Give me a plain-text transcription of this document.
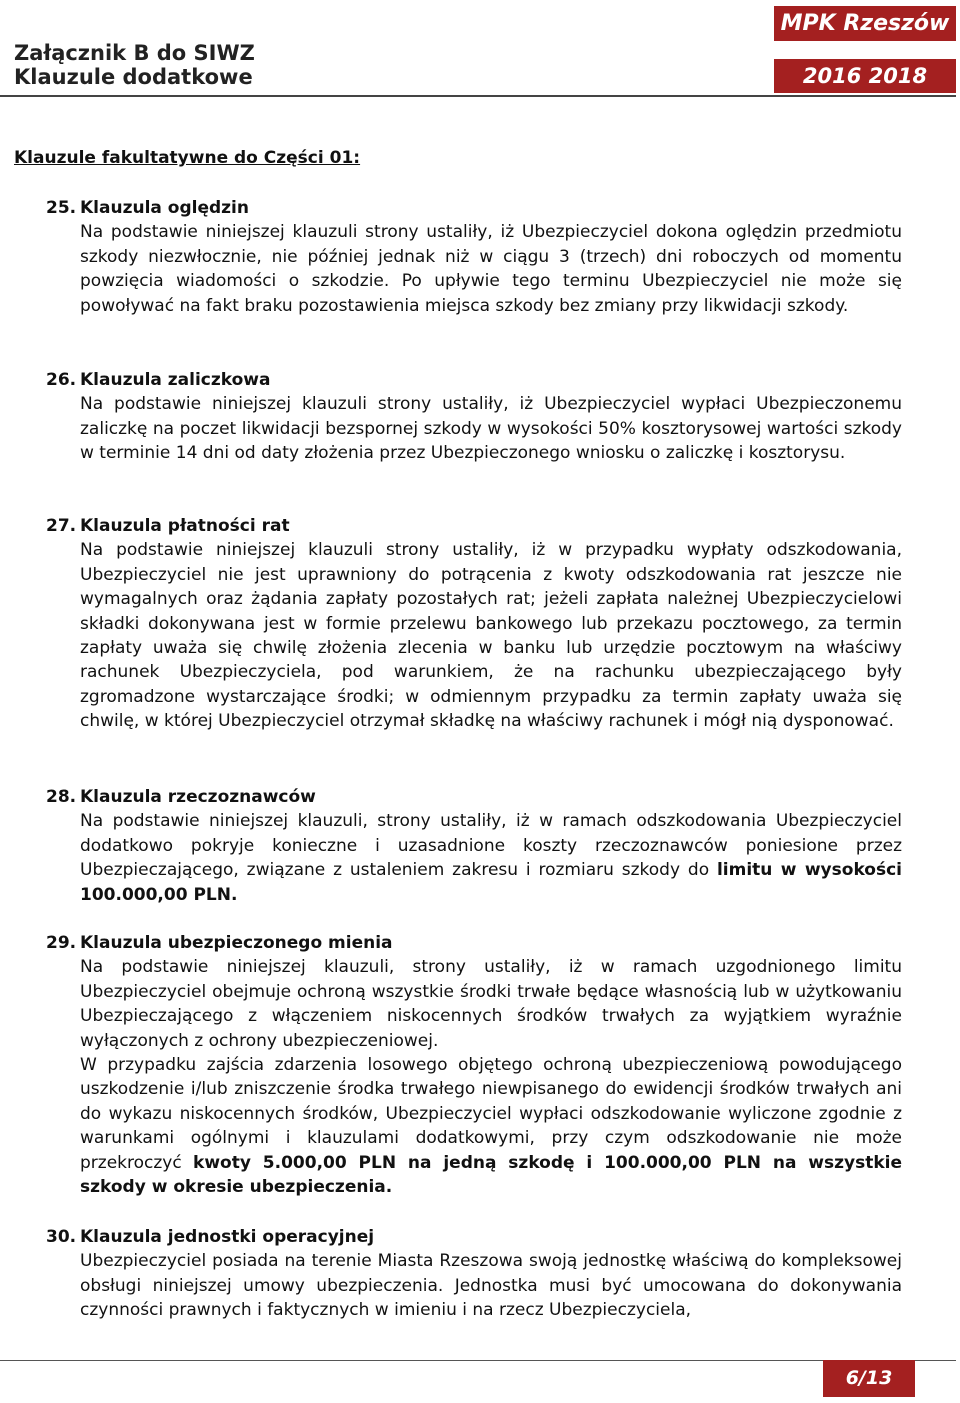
Załącznik B do SIWZ
Klauzule dodatkowe
MPK Rzeszów
2016 2018
Klauzule fakultatywne do Części 01:
25. Klauzula oględzin

Na podstawie niniejszej klauzuli strony ustaliły, iż Ubezpieczyciel dokona oględzin przedmiotu szkody niezwłocznie, nie później jednak niż w ciągu 3 (trzech) dni roboczych od momentu powzięcia wiadomości o szkodzie. Po upływie tego terminu Ubezpieczyciel nie może się powoływać na fakt braku pozostawienia miejsca szkody bez zmiany przy likwidacji szkody.

26. Klauzula zaliczkowa

Na podstawie niniejszej klauzuli strony ustaliły, iż Ubezpieczyciel wypłaci Ubezpieczonemu zaliczkę na poczet likwidacji bezspornej szkody w wysokości 50% kosztorysowej wartości szkody w terminie 14 dni od daty złożenia przez Ubezpieczonego wniosku o zaliczkę i kosztorysu.

27. Klauzula płatności rat

Na podstawie niniejszej klauzuli strony ustaliły, iż w przypadku wypłaty odszkodowania, Ubezpieczyciel nie jest uprawniony do potrącenia z kwoty odszkodowania rat jeszcze nie wymagalnych oraz żądania zapłaty pozostałych rat; jeżeli zapłata należnej Ubezpieczycielowi składki dokonywana jest w formie przelewu bankowego lub przekazu pocztowego, za termin zapłaty uważa się chwilę złożenia zlecenia w banku lub urzędzie pocztowym na właściwy rachunek Ubezpieczyciela, pod warunkiem, że na rachunku ubezpieczającego były zgromadzone wystarczające środki; w odmiennym przypadku za termin zapłaty uważa się chwilę, w której Ubezpieczyciel otrzymał składkę na właściwy rachunek i mógł nią dysponować.

28. Klauzula rzeczoznawców

Na podstawie niniejszej klauzuli, strony ustaliły, iż w ramach odszkodowania Ubezpieczyciel dodatkowo pokryje konieczne i uzasadnione koszty rzeczoznawców poniesione przez Ubezpieczającego, związane z ustaleniem zakresu i rozmiaru szkody do limitu w wysokości 100.000,00 PLN.

29. Klauzula ubezpieczonego mienia

Na podstawie niniejszej klauzuli, strony ustaliły, iż w ramach uzgodnionego limitu Ubezpieczyciel obejmuje ochroną wszystkie środki trwałe będące własnością lub w użytkowaniu Ubezpieczającego z włączeniem niskocennych środków trwałych za wyjątkiem wyraźnie wyłączonych z ochrony ubezpieczeniowej.

W przypadku zajścia zdarzenia losowego objętego ochroną ubezpieczeniową powodującego uszkodzenie i/lub zniszczenie środka trwałego niewpisanego do ewidencji środków trwałych ani do wykazu niskocennych środków, Ubezpieczyciel wypłaci odszkodowanie wyliczone zgodnie z warunkami ogólnymi i klauzulami dodatkowymi, przy czym odszkodowanie nie może przekroczyć kwoty 5.000,00 PLN na jedną szkodę i 100.000,00 PLN na wszystkie szkody w okresie ubezpieczenia.

30. Klauzula jednostki operacyjnej

Ubezpieczyciel posiada na terenie Miasta Rzeszowa swoją jednostkę właściwą do kompleksowej obsługi niniejszej umowy ubezpieczenia. Jednostka musi być umocowana do dokonywania czynności prawnych i faktycznych w imieniu i na rzecz Ubezpieczyciela,

6/13
